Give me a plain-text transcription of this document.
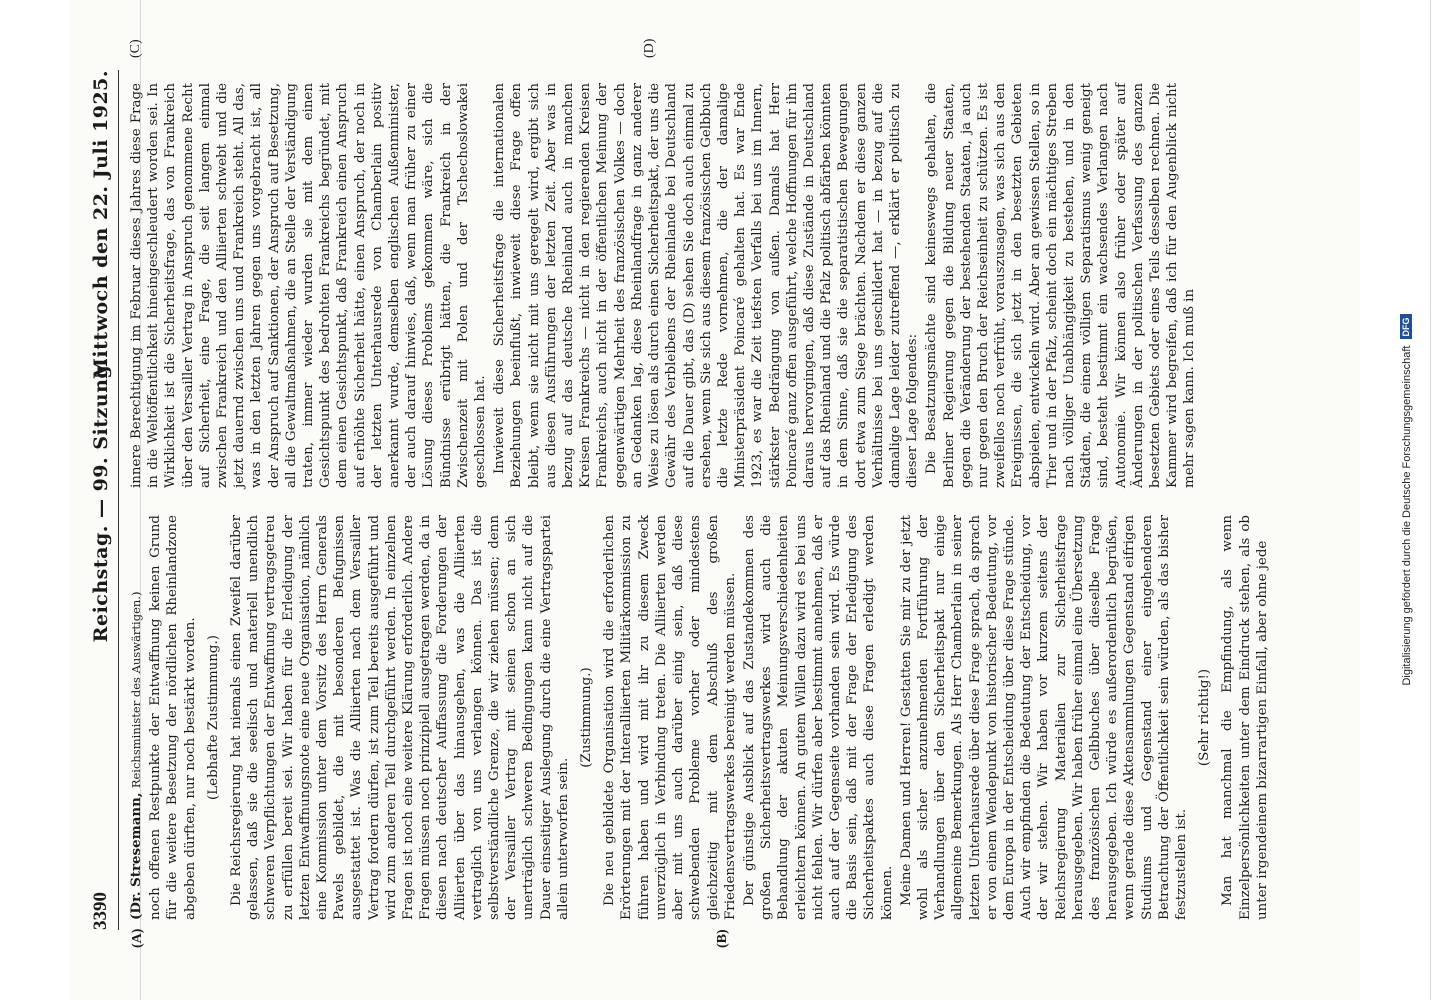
3390
Reichstag. — 99. Sitzung.
Mittwoch den 22. Juli 1925.
(A)	(B)
(C)	(D)

(Dr. Stresemann, Reichsminister des Auswärtigen.) noch offenen Restpunkte der Entwaffnung keinen Grund für die weitere Besetzung der nördlichen Rheinlandzone abgeben dürften, nur noch bestärkt worden. (Lebhafte Zustimmung.) Die Reichsregierung hat niemals einen Zweifel darüber gelassen, daß sie die seelisch und materiell unendlich schweren Verpflichtungen der Entwaffnung vertragsgetreu zu erfüllen bereit sei. Wir haben für die Erledigung der letzten Entwaffnungsnote eine neue Organisation, nämlich eine Kommission unter dem Vorsitz des Herrn Generals Pawels gebildet, die mit besonderen Befugnissen ausgestattet ist. Was die Alliierten nach dem Versailler Vertrag fordern dürfen, ist zum Teil bereits ausgeführt und wird zum anderen Teil durchgeführt werden. In einzelnen Fragen ist noch eine weitere Klärung erforderlich. Andere Fragen müssen noch prinzipiell ausgetragen werden, da in diesen nach deutscher Auffassung die Forderungen der Alliierten über das hinausgehen, was die Alliierten vertraglich von uns verlangen können. Das ist die selbstverständliche Grenze, die wir ziehen müssen; denn der Versailler Vertrag mit seinen schon an sich unerträglich schweren Bedingungen kann nicht auf die Dauer einseitiger Auslegung durch die eine Vertragspartei allein unterworfen sein.

(Zustimmung.) Die neu gebildete Organisation wird die erforderlichen Erörterungen mit der Interalliierten Militärkommission zu führen haben und wird mit ihr zu diesem Zweck unverzüglich in Verbindung treten. Die Alliierten werden aber mit uns auch darüber einig sein, daß diese schwebenden Probleme vorher oder mindestens gleichzeitig mit dem Abschluß des großen Friedensvertragswerkes bereinigt werden müssen. Der günstige Ausblick auf das Zustandekommen des großen Sicherheitsvertragswerkes wird auch die Behandlung der akuten Meinungsverschiedenheiten erleichtern können. An gutem Willen dazu wird es bei uns nicht fehlen. Wir dürfen aber bestimmt annehmen, daß er auch auf der Gegenseite vorhanden sein wird. Es würde die Basis sein, daß mit der Frage der Erledigung des Sicherheitspaktes auch diese Fragen erledigt werden können. Meine Damen und Herren! Gestatten Sie mir zu der jetzt wohl als sicher anzunehmenden Fortführung der Verhandlungen über den Sicherheitspakt nur einige allgemeine Bemerkungen. Als Herr Chamberlain in seiner letzten Unterhausrede über diese Frage sprach, da sprach er von einem Wendepunkt von historischer Bedeutung, vor dem Europa in der Entscheidung über diese Frage stünde. Auch wir empfinden die Bedeutung der Entscheidung, vor der wir stehen. Wir haben vor kurzem seitens der Reichsregierung Materialien zur Sicherheitsfrage herausgegeben. Wir haben früher einmal eine Übersetzung des französischen Gelbbuches über dieselbe Frage herausgegeben. Ich würde es außerordentlich begrüßen, wenn gerade diese Aktensammlungen Gegenstand eifrigen Studiums und Gegenstand einer eingehenderen Betrachtung der Öffentlichkeit sein würden, als das bisher festzustellen ist.

(Sehr richtig!) Man hat manchmal die Empfindung, als wenn Einzelpersönlichkeiten unter dem Eindruck stehen, als ob unter irgendeinem bizarrartigen Einfall, aber ohne jede

innere Berechtigung im Februar dieses Jahres diese Frage in die Weltöffentlichkeit hineingeschleudert worden sei. In Wirklichkeit ist die Sicherheitsfrage, das von Frankreich über den Versailler Vertrag in Anspruch genommene Recht auf Sicherheit, eine Frage, die seit langem einmal zwischen Frankreich und den Alliierten schwebt und die jetzt dauernd zwischen uns und Frankreich steht. All das, was in den letzten Jahren gegen uns vorgebracht ist, all der Anspruch auf Sanktionen, der Anspruch auf Besetzung, all die Gewaltmaßnahmen, die an Stelle der Verständigung traten, immer wieder wurden sie mit dem einen Gesichtspunkt des bedrohten Frankreichs begründet, mit dem einen Gesichtspunkt, daß Frankreich einen Anspruch auf erhöhte Sicherheit hätte, einen Anspruch, der noch in der letzten Unterhausrede von Chamberlain positiv anerkannt wurde, demselben englischen Außenminister, der auch darauf hinwies, daß, wenn man früher zu einer Lösung dieses Problems gekommen wäre, sich die Bündnisse erübrigt hätten, die Frankreich in der Zwischenzeit mit Polen und der Tschechoslowakei geschlossen hat. Inwieweit diese Sicherheitsfrage die internationalen Beziehungen beeinflußt, inwieweit diese Frage offen bleibt, wenn sie nicht mit uns geregelt wird, ergibt sich aus diesen Ausführungen der letzten Zeit. Aber was in bezug auf das deutsche Rheinland auch in manchen Kreisen Frankreichs — nicht in den regierenden Kreisen Frankreichs, auch nicht in der öffentlichen Meinung der gegenwärtigen Mehrheit des französischen Volkes — doch an Gedanken lag, diese Rheinlandfrage in ganz anderer Weise zu lösen als durch einen Sicherheitspakt, der uns die Gewähr des Verbleibens der Rheinlande bei Deutschland auf die Dauer gibt, das (D) sehen Sie doch auch einmal zu ersehen, wenn Sie sich aus diesem französischen Gelbbuch die letzte Rede vornehmen, die der damalige Ministerpräsident Poincaré gehalten hat. Es war Ende 1923, es war die Zeit tiefsten Verfalls bei uns im Innern, stärkster Bedrängung von außen. Damals hat Herr Poincaré ganz offen ausgeführt, welche Hoffnungen für ihn daraus hervorgingen, daß diese Zustände in Deutschland auf das Rheinland und die Pfalz politisch abfärben könnten in dem Sinne, daß sie die separatistischen Bewegungen dort etwa zum Siege brächten. Nachdem er diese ganzen Verhältnisse bei uns geschildert hat — in bezug auf die damalige Lage leider zutreffend —, erklärt er politisch zu dieser Lage folgendes: Die Besatzungsmächte sind keineswegs gehalten, die Berliner Regierung gegen die Bildung neuer Staaten, gegen die Veränderung der bestehenden Staaten, ja auch nur gegen den Bruch der Reichseinheit zu schützen. Es ist zweifellos noch verfrüht, vorauszusagen, was sich aus den Ereignissen, die sich jetzt in den besetzten Gebieten abspielen, entwickeln wird. Aber an gewissen Stellen, so in Trier und in der Pfalz, scheint doch ein mächtiges Streben nach völliger Unabhängigkeit zu bestehen, und in den Städten, die einem völligen Separatismus wenig geneigt sind, besteht bestimmt ein wachsendes Verlangen nach Autonomie. Wir können also früher oder später auf Änderungen in der politischen Verfassung des ganzen besetzten Gebiets oder eines Teils desselben rechnen. Die Kammer wird begreifen, daß ich für den Augenblick nicht mehr sagen kann. Ich muß in	Digitalisierung gefördert durch die Deutsche Forschungsgemeinschaft DFG
